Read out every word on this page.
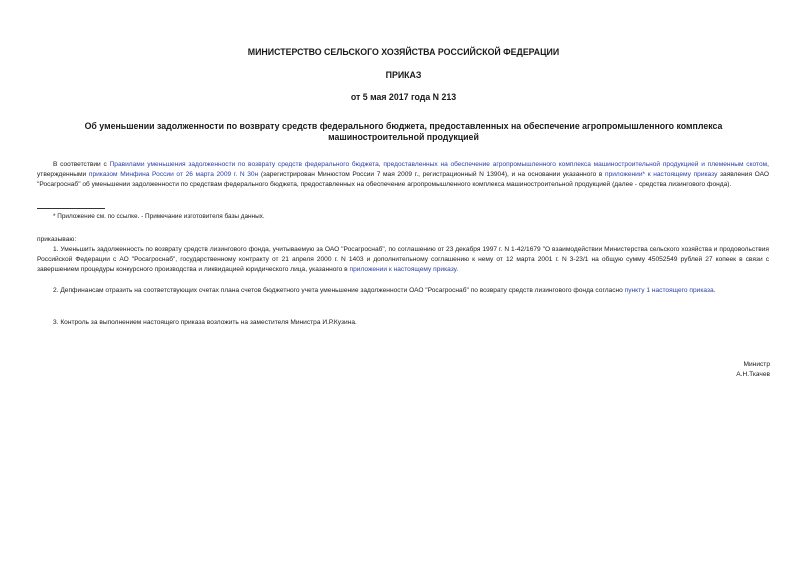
МИНИСТЕРСТВО СЕЛЬСКОГО ХОЗЯЙСТВА РОССИЙСКОЙ ФЕДЕРАЦИИ

ПРИКАЗ

от 5 мая 2017 года N 213

Об уменьшении задолженности по возврату средств федерального бюджета, предоставленных на обеспечение агропромышленного комплекса
машиностроительной продукцией

В соответствии с Правилами уменьшения задолженности по возврату средств федерального бюджета, предоставленных на обеспечение агропромышленного комплекса машиностроительной продукцией и племенным скотом, утвержденными приказом Минфина России от 26 марта 2009 г. N 30н (зарегистрирован Минюстом России 7 мая 2009 г., регистрационный N 13904), и на основании указанного в приложении* к настоящему приказу заявления ОАО "Росагроснаб" об уменьшении задолженности по средствам федерального бюджета, предоставленных на обеспечение агропромышленного комплекса машиностроительной продукцией (далее - средства лизингового фонда).

* Приложение см. по ссылке. - Примечание изготовителя базы данных.

приказываю:

1. Уменьшить задолженность по возврату средств лизингового фонда, учитываемую за ОАО "Росагроснаб", по соглашению от 23 декабря 1997 г. N 1-42/1679 "О взаимодействии Министерства сельского хозяйства и продовольствия Российской Федерации с АО "Росагроснаб", государственному контракту от 21 апреля 2000 г. N 1403 и дополнительному соглашению к нему от 12 марта 2001 г. N 3-23/1 на общую сумму 45052549 рублей 27 копеек в связи с завершением процедуры конкурсного производства и ликвидацией юридического лица, указанного в приложении к настоящему приказу.

2. Депфинансам отразить на соответствующих счетах плана счетов бюджетного учета уменьшение задолженности ОАО "Росагроснаб" по возврату средств лизингового фонда согласно пункту 1 настоящего приказа.

3. Контроль за выполнением настоящего приказа возложить на заместителя Министра И.Р.Кузина.

Министр
А.Н.Ткачев
